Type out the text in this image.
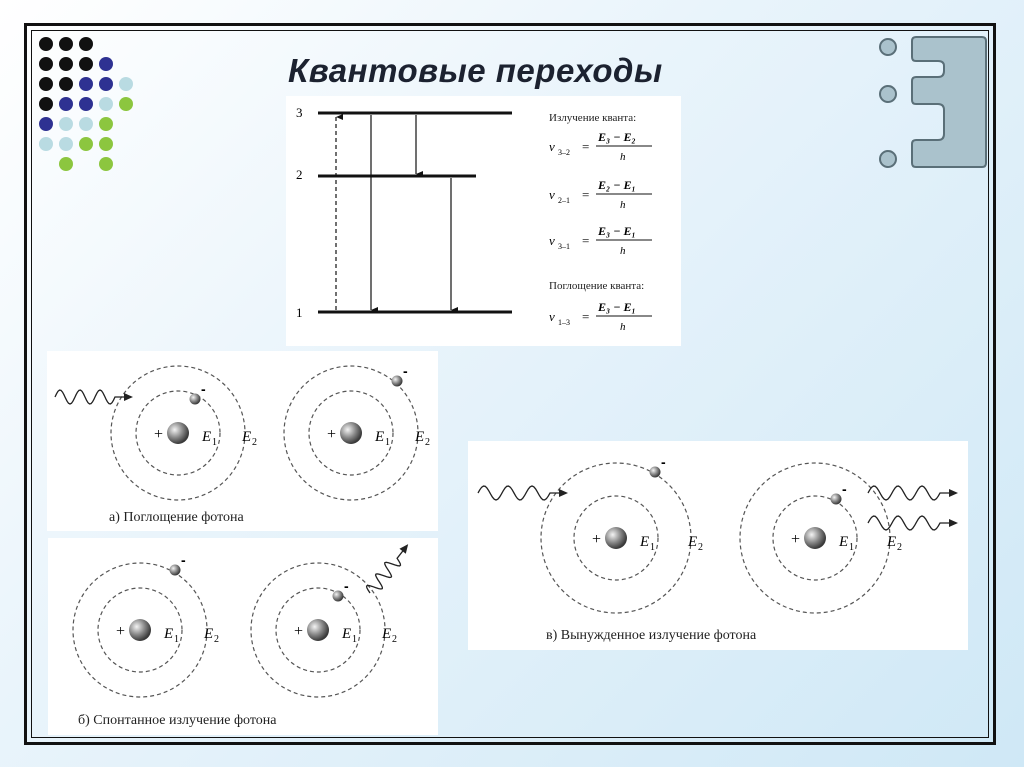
Квантовые переходы
3
2
1
Излучение кванта:
Поглощение кванта:
ν 3–2 =
E₃ − E₂
h
ν 2–1 =
E₂ − E₁
h
ν 3–1 =
E₃ − E₁
h
ν 1–3 =
E₃ − E₁
h
+	E 1 E 2
-
+	E 1 E 2
-
а) Поглощение фотона
+	E 1 E 2
-
+	E 1 E 2
-
б) Спонтанное излучение фотона
+	E 1 E 2
-
+	E 1 E 2
-
в) Вынужденное излучение фотона
